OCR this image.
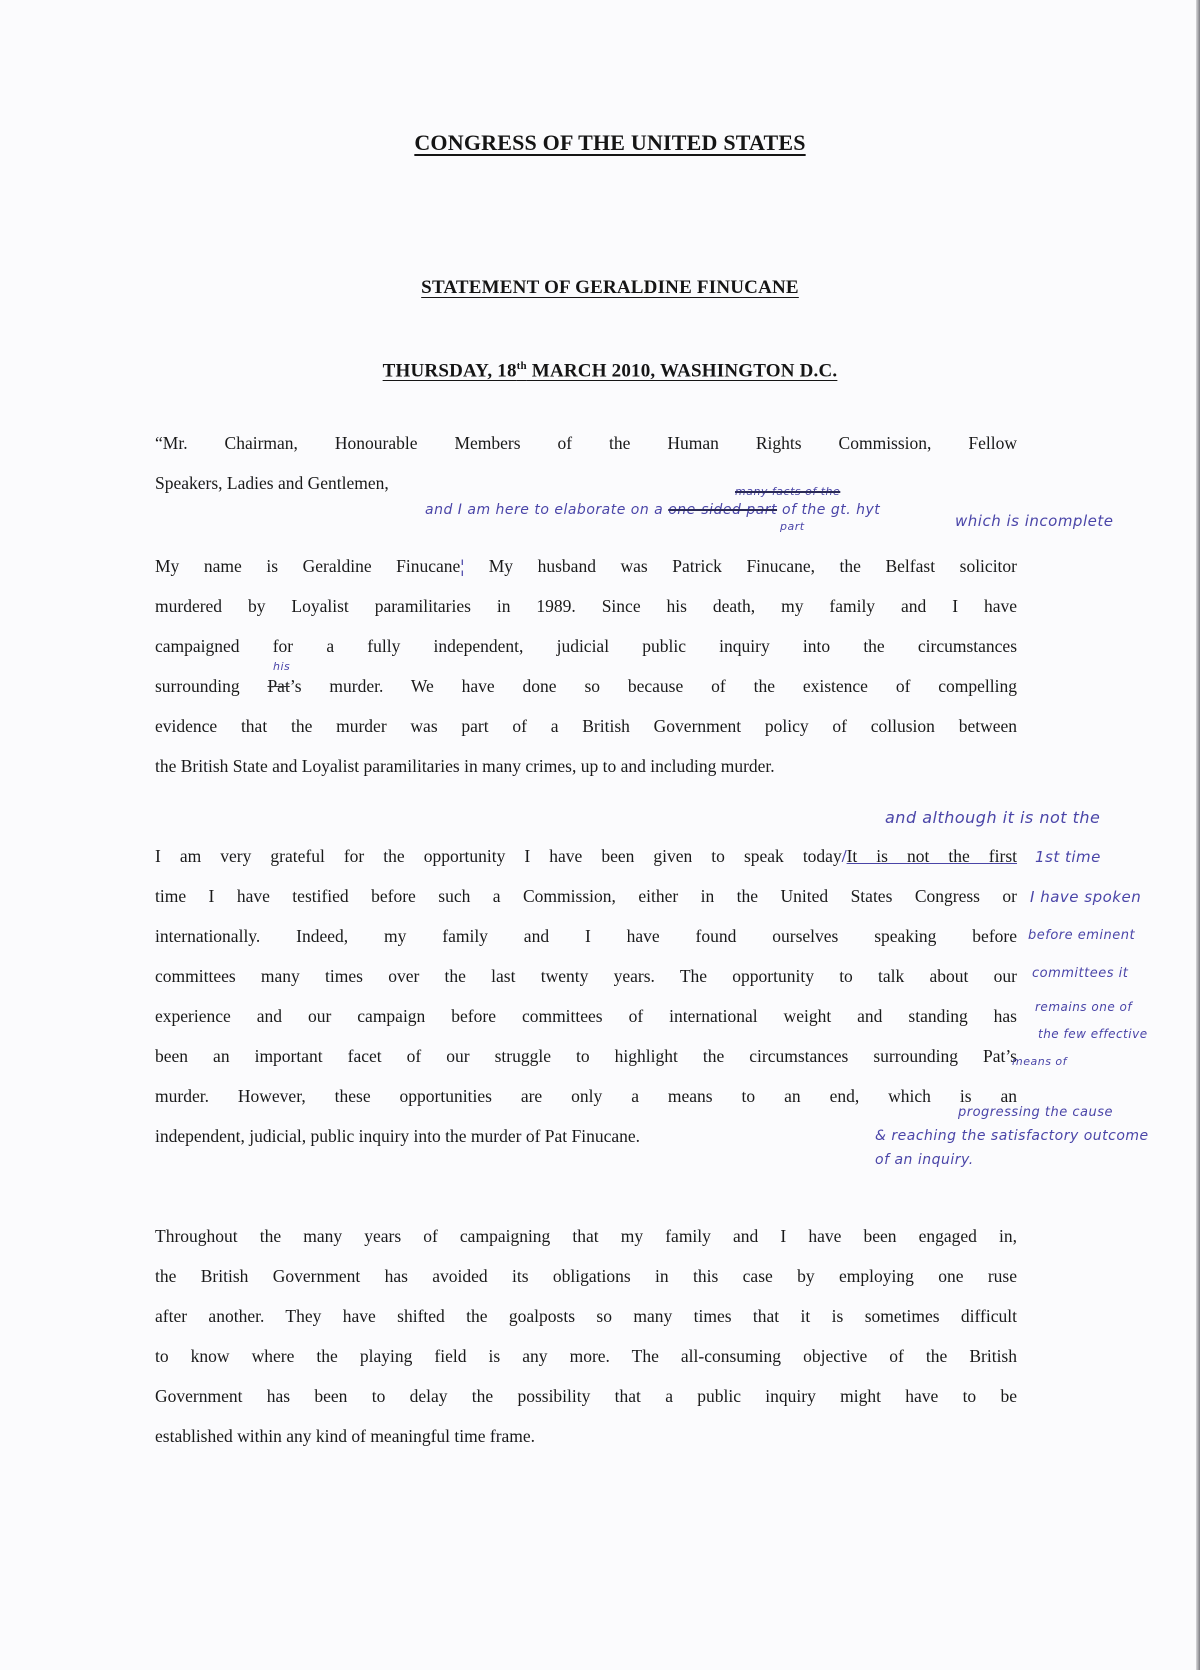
CONGRESS OF THE UNITED STATES
STATEMENT OF GERALDINE FINUCANE
THURSDAY, 18th MARCH 2010, WASHINGTON D.C.
“Mr. Chairman, Honourable Members of the Human Rights Commission, Fellow
Speakers, Ladies and Gentlemen,	many facts of the
and I am here to elaborate on a one-sided part of the gt. hyt
part	which is incomplete
My name is Geraldine Finucane¦ My husband was Patrick Finucane, the Belfast solicitor
murdered by Loyalist paramilitaries in 1989. Since his death, my family and I have
campaigned for a fully independent, judicial public inquiry into the circumstances
his
surrounding Pat’s murder. We have done so because of the existence of compelling
evidence that the murder was part of a British Government policy of collusion between
the British State and Loyalist paramilitaries in many crimes, up to and including murder.
I am very grateful for the opportunity I have been given to speak today/It is not the first
time I have testified before such a Commission, either in the United States Congress or
internationally. Indeed, my family and I have found ourselves speaking before
committees many times over the last twenty years. The opportunity to talk about our
experience and our campaign before committees of international weight and standing has
been an important facet of our struggle to highlight the circumstances surrounding Pat’s
murder. However, these opportunities are only a means to an end, which is an
independent, judicial, public inquiry into the murder of Pat Finucane.
and although it is not the
1st time
I have spoken
before eminent
committees it
remains one of
the few effective
means of
progressing the cause
& reaching the satisfactory outcome
of an inquiry.
Throughout the many years of campaigning that my family and I have been engaged in,
the British Government has avoided its obligations in this case by employing one ruse
after another. They have shifted the goalposts so many times that it is sometimes difficult
to know where the playing field is any more. The all-consuming objective of the British
Government has been to delay the possibility that a public inquiry might have to be
established within any kind of meaningful time frame.
